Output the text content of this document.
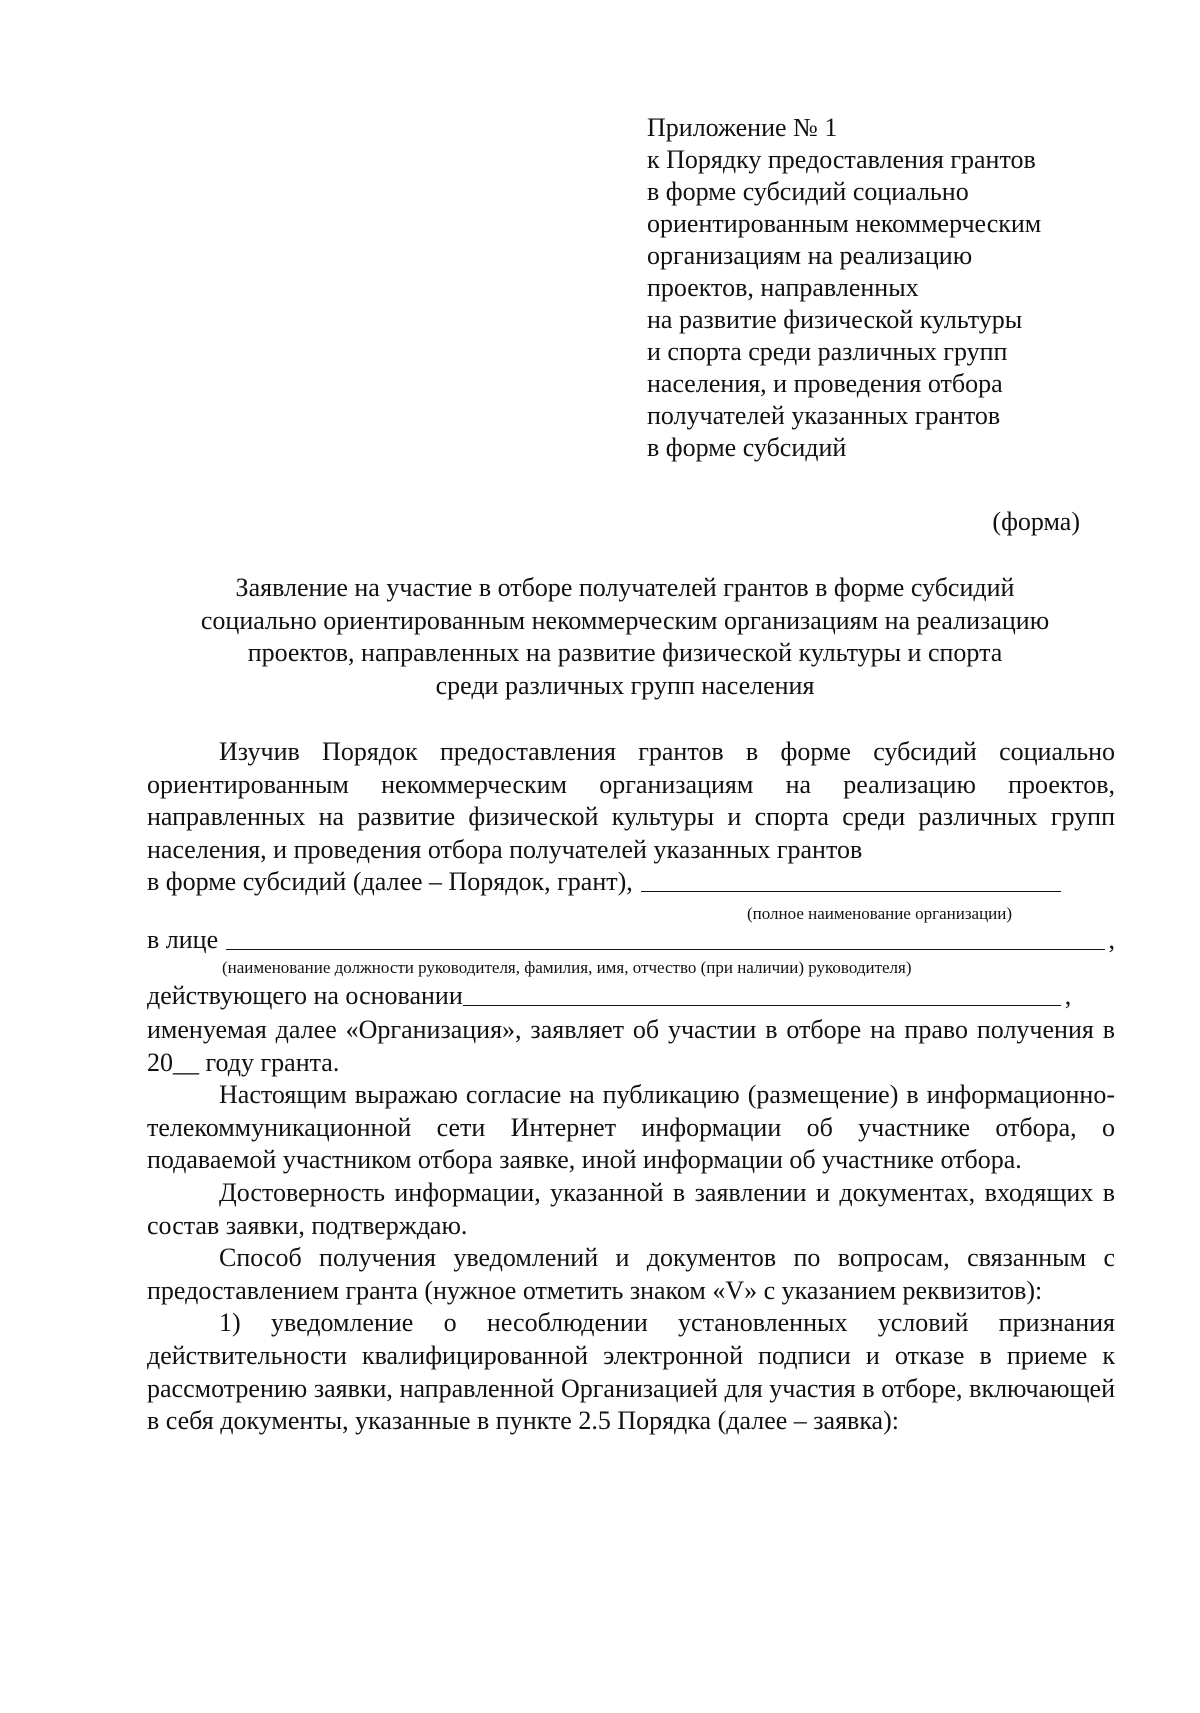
Приложение № 1
к Порядку предоставления грантов
в форме субсидий социально
ориентированным некоммерческим
организациям на реализацию
проектов, направленных
на развитие физической культуры
и спорта среди различных групп
населения, и проведения отбора
получателей указанных грантов
в форме субсидий
(форма)
Заявление на участие в отборе получателей грантов в форме субсидий
социально ориентированным некоммерческим организациям на реализацию
проектов, направленных на развитие физической культуры и спорта
среди различных групп населения

Изучив Порядок предоставления грантов в форме субсидий социально ориентированным некоммерческим организациям на реализацию проектов, направленных на развитие физической культуры и спорта среди различных групп населения, и проведения отбора получателей указанных грантов

в форме субсидий (далее – Порядок, грант),
(полное наименование организации)
в лице	,
(наименование должности руководителя, фамилия, имя, отчество (при наличии) руководителя)
действующего на основании	,

именуемая далее «Организация», заявляет об участии в отборе на право получения в 20__ году гранта.

Настоящим выражаю согласие на публикацию (размещение) в информационно-телекоммуникационной сети Интернет информации об участнике отбора, о подаваемой участником отбора заявке, иной информации об участнике отбора.

Достоверность информации, указанной в заявлении и документах, входящих в состав заявки, подтверждаю.

Способ получения уведомлений и документов по вопросам, связанным с предоставлением гранта (нужное отметить знаком «V» с указанием реквизитов):

1) уведомление о несоблюдении установленных условий признания действительности квалифицированной электронной подписи и отказе в приеме к рассмотрению заявки, направленной Организацией для участия в отборе, включающей в себя документы, указанные в пункте 2.5 Порядка (далее – заявка):
